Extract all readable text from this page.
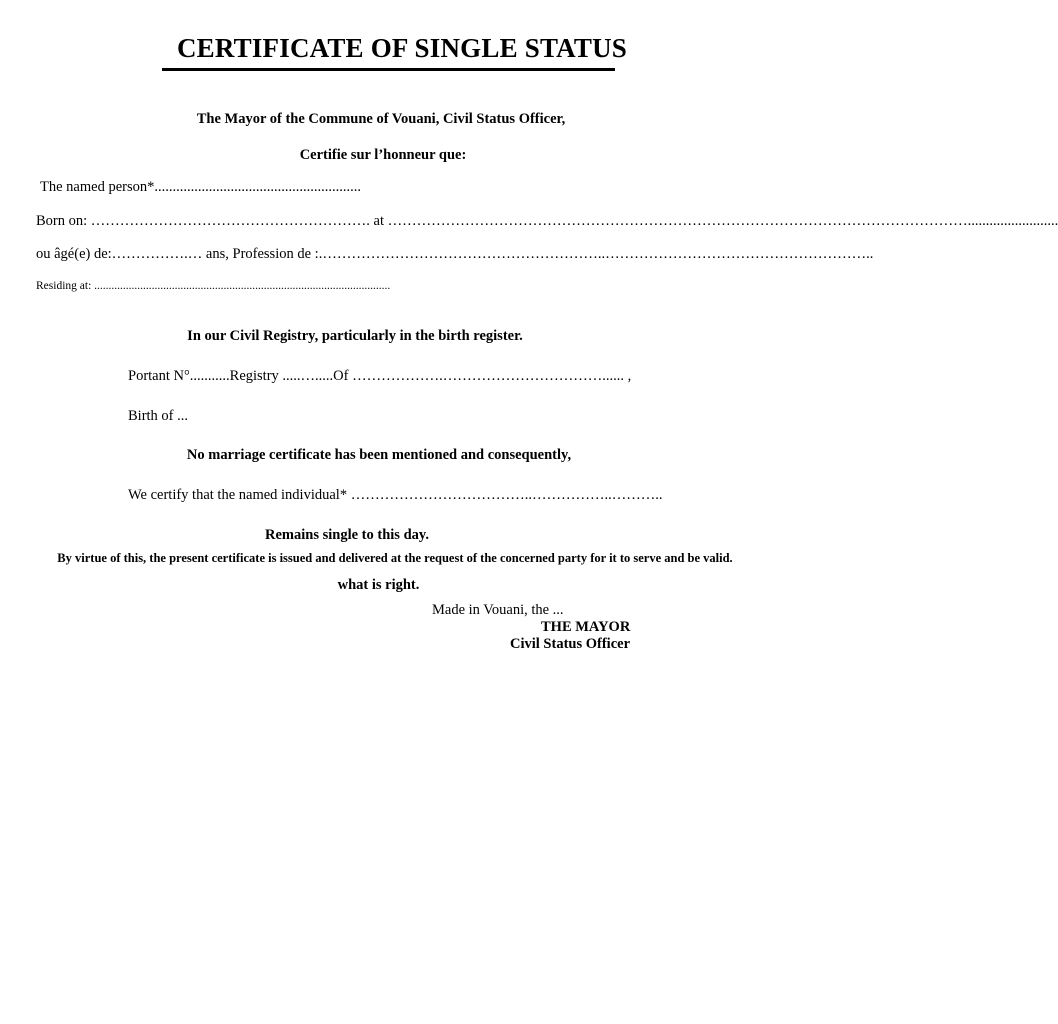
CERTIFICATE OF SINGLE STATUS
The Mayor of the Commune of Vouani, Civil Status Officer,
Certifie sur l’honneur que:
The named person*.........................................................
Born on: …………………………………………………. at ………………………………………………………………………………………………………….........................
ou âgé(e) de:…………….… ans, Profession de :.…………………………………………………..………………………………………………..
Residing at: .......................................................................................................
In our Civil Registry, particularly in the birth register.
Portant N°...........Registry .....….....Of ……………….……………………………...... ,
Birth of ...
No marriage certificate has been mentioned and consequently,
We certify that the named individual* ………………………………..……………..………..
Remains single to this day.
By virtue of this, the present certificate is issued and delivered at the request of the concerned party for it to serve and be valid.
what is right.
Made in Vouani, the ...
THE MAYOR
Civil Status Officer
